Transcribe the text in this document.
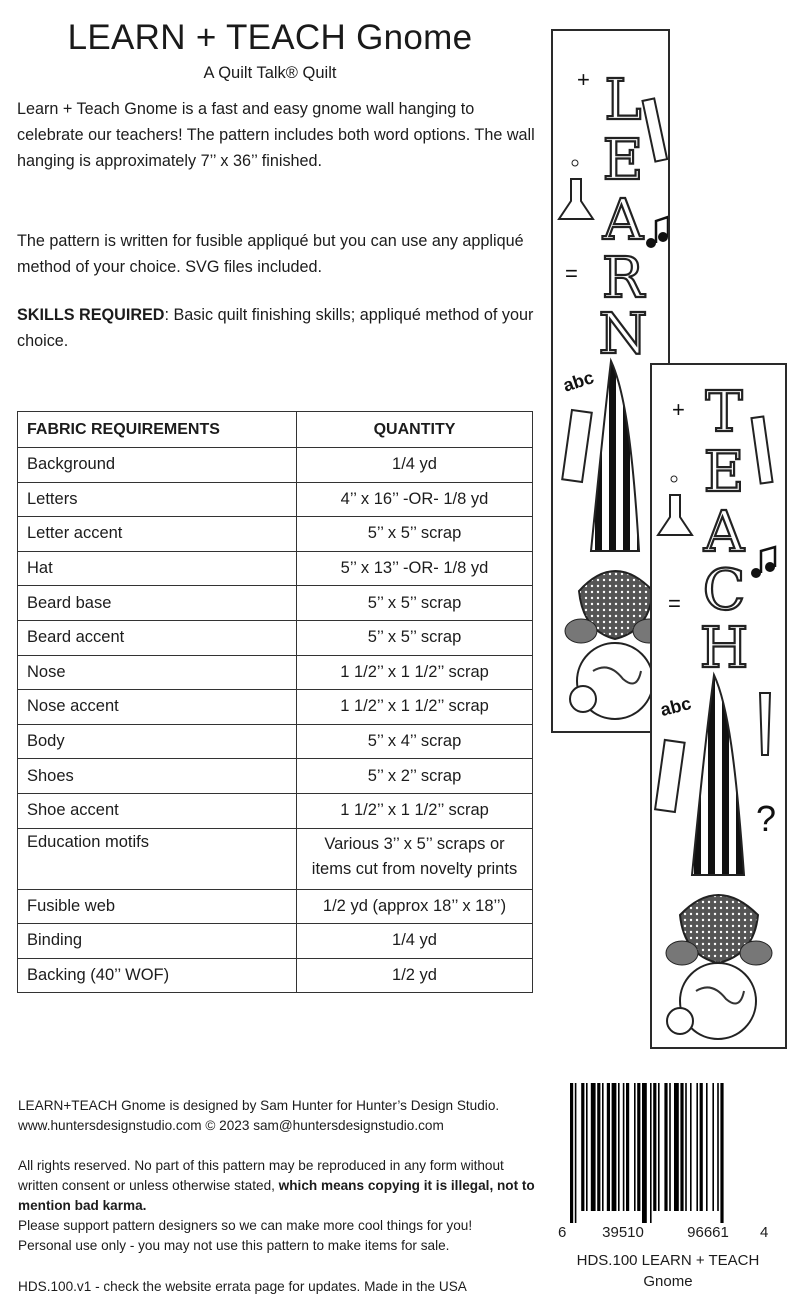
LEARN + TEACH Gnome
A Quilt Talk® Quilt
Learn + Teach Gnome is a fast and easy gnome wall hanging to celebrate our teachers! The pattern includes both word options. The wall hanging is approximately 7’’ x 36’’ finished.
The pattern is written for fusible appliqué but you can use any appliqué method of your choice. SVG files included.
SKILLS REQUIRED: Basic quilt finishing skills; appliqué method of your choice.
FABRIC REQUIREMENTS	QUANTITY
Background	1/4 yd
Letters	4’’ x 16’’ -OR- 1/8 yd
Letter accent	5’’ x 5’’ scrap
Hat	5’’ x 13’’ -OR- 1/8 yd
Beard base	5’’ x 5’’ scrap
Beard accent	5’’ x 5’’ scrap
Nose	1 1/2’’ x 1 1/2’’ scrap
Nose accent	1 1/2’’ x 1 1/2’’ scrap
Body	5’’ x 4’’ scrap
Shoes	5’’ x 2’’ scrap
Shoe accent	1 1/2’’ x 1 1/2’’ scrap
Education motifs	Various 3’’ x 5’’ scraps or
items cut from novelty prints

Fusible web	1/2 yd (approx 18’’ x 18’’)
Binding	1/4 yd
Backing (40’’ WOF)	1/2 yd
LEARN+TEACH Gnome is designed by Sam Hunter for Hunter’s Design Studio.
www.huntersdesignstudio.com © 2023 sam@huntersdesignstudio.com
All rights reserved. No part of this pattern may be reproduced in any form without written consent or unless otherwise stated, which means copying it is illegal, not to mention bad karma.
Please support pattern designers so we can make more cool things for you!
Personal use only - you may not use this pattern to make items for sale.
HDS.100.v1 - check the website errata page for updates. Made in the USA
6	39510	96661	4
HDS.100 LEARN + TEACH
Gnome
L
E
A
R
N
+
=
abc T
E
A
C
H
+
=
abc
?
